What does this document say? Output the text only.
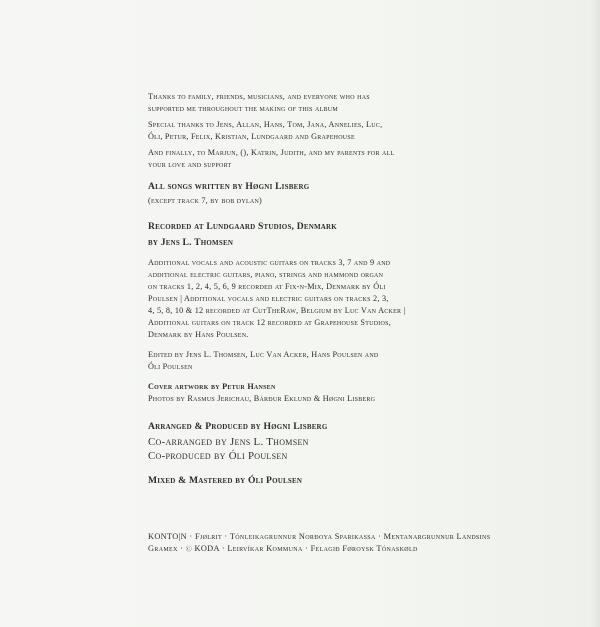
Thanks to family, friends, musicians, and everyone who has

supported me throughout the making of this album

Special thanks to Jens, Allan, Hans, Tom, Jana, Annelies, Luc,

Óli, Petur, Felix, Kristian, Lundgaard and Grapehouse

And finally, to Marjun, (), Katrin, Judith, and my parents for all

your love and support

All songs written by Høgni Lisberg

(except track 7, by bob dylan)

Recorded at Lundgaard Studios, Denmark

by Jens L. Thomsen

Additional vocals and acoustic guitars on tracks 3, 7 and 9 and

additional electric guitars, piano, strings and hammond organ

on tracks 1, 2, 4, 5, 6, 9 recorded at Fix-n-Mix, Denmark by Óli

Poulsen | Additional vocals and electric guitars on tracks 2, 3,

4, 5, 8, 10 & 12 recorded at CutTheRaw, Belgium by Luc Van Acker |

Additional guitars on track 12 recorded at Grapehouse Studios,

Denmark by Hans Poulsen.

Edited by Jens L. Thomsen, Luc Van Acker, Hans Poulsen and

Óli Poulsen

Cover artwork by Petur Hansen

Photos by Rasmus Jerichau, Bárður Eklund & Høgni Lisberg

Arranged & Produced by Høgni Lisberg

Co-arranged by Jens L. Thomsen

Co-produced by Óli Poulsen

Mixed & Mastered by Óli Poulsen

KONTO|N · Fjølrit · Tónleikagrunnur Norðoya Sparikassa · Mentanargrunnur Landsins

Gramex · ⓒ KODA · Leirvíkar Kommuna · Felagið Føroysk Tónaskøld
